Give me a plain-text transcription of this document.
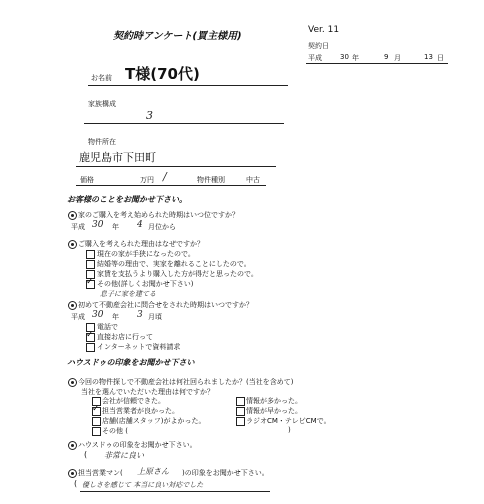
契約時アンケート(買主様用)
Ver. 11
契約日
平成	30 年	9 月	13 日
お名前 T様(70代)
家族構成
3
物件所在
鹿児島市下田町
価格	万円 /	物件種別	中古
お客様のことをお聞かせ下さい。
家のご購入を考え始められた時期はいつ位ですか？
平成 30 年 4 月位から
ご購入を考えられた理由はなぜですか？
現在の家が手狭になったので。
結婚等の理由で、実家を離れることにしたので。
家賃を支払うより購入した方が得だと思ったので。
✓ その他(詳しくお聞かせ下さい)
息子に家を建てる
初めて不動産会社に問合せをされた時期はいつですか？
平成 30 年 3 月頃
電話で
✓ 直接お店に行って
インターネットで資料請求
ハウスドゥの印象をお聞かせ下さい
今回の物件探しで不動産会社は何社回られましたか？(当社を含めて)
当社を選んでいただいた理由は何ですか？
会社が信頼できた。
✓ 担当営業者が良かった。
店舗(店舗スタッフ)がよかった。
その他 (	)
情報が多かった。
情報が早かった。
ラジオCM・テレビCMで。
ハウスドゥの印象をお聞かせ下さい。
( 非常に良い
担当営業マン( 上原さん )の印象をお聞かせ下さい。
( 優しさを感じて 本当に良い対応でした
